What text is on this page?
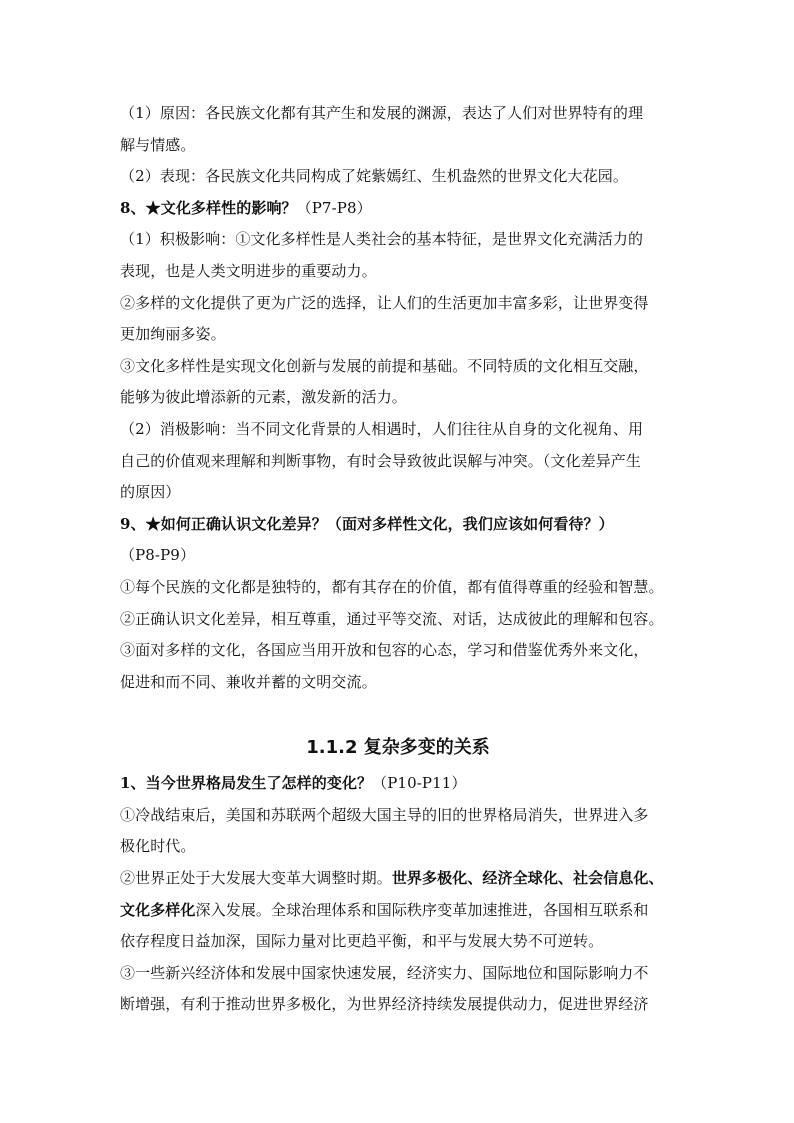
（1）原因：各民族文化都有其产生和发展的渊源，表达了人们对世界特有的理

解与情感。

（2）表现：各民族文化共同构成了姹紫嫣红、生机盎然的世界文化大花园。

8、★文化多样性的影响？（P7-P8）

（1）积极影响：①文化多样性是人类社会的基本特征，是世界文化充满活力的

表现，也是人类文明进步的重要动力。

②多样的文化提供了更为广泛的选择，让人们的生活更加丰富多彩，让世界变得

更加绚丽多姿。

③文化多样性是实现文化创新与发展的前提和基础。不同特质的文化相互交融，

能够为彼此增添新的元素，激发新的活力。

（2）消极影响：当不同文化背景的人相遇时，人们往往从自身的文化视角、用

自己的价值观来理解和判断事物，有时会导致彼此误解与冲突。（文化差异产生

的原因）

9、★如何正确认识文化差异？（面对多样性文化，我们应该如何看待？）

（P8-P9）

①每个民族的文化都是独特的，都有其存在的价值，都有值得尊重的经验和智慧。

②正确认识文化差异，相互尊重，通过平等交流、对话，达成彼此的理解和包容。

③面对多样的文化，各国应当用开放和包容的心态，学习和借鉴优秀外来文化，

促进和而不同、兼收并蓄的文明交流。

1.1.2 复杂多变的关系

1、当今世界格局发生了怎样的变化？（P10-P11）

①冷战结束后，美国和苏联两个超级大国主导的旧的世界格局消失，世界进入多

极化时代。

②世界正处于大发展大变革大调整时期。世界多极化、经济全球化、社会信息化、

文化多样化深入发展。全球治理体系和国际秩序变革加速推进，各国相互联系和

依存程度日益加深，国际力量对比更趋平衡，和平与发展大势不可逆转。

③一些新兴经济体和发展中国家快速发展，经济实力、国际地位和国际影响力不

断增强，有利于推动世界多极化，为世界经济持续发展提供动力，促进世界经济
